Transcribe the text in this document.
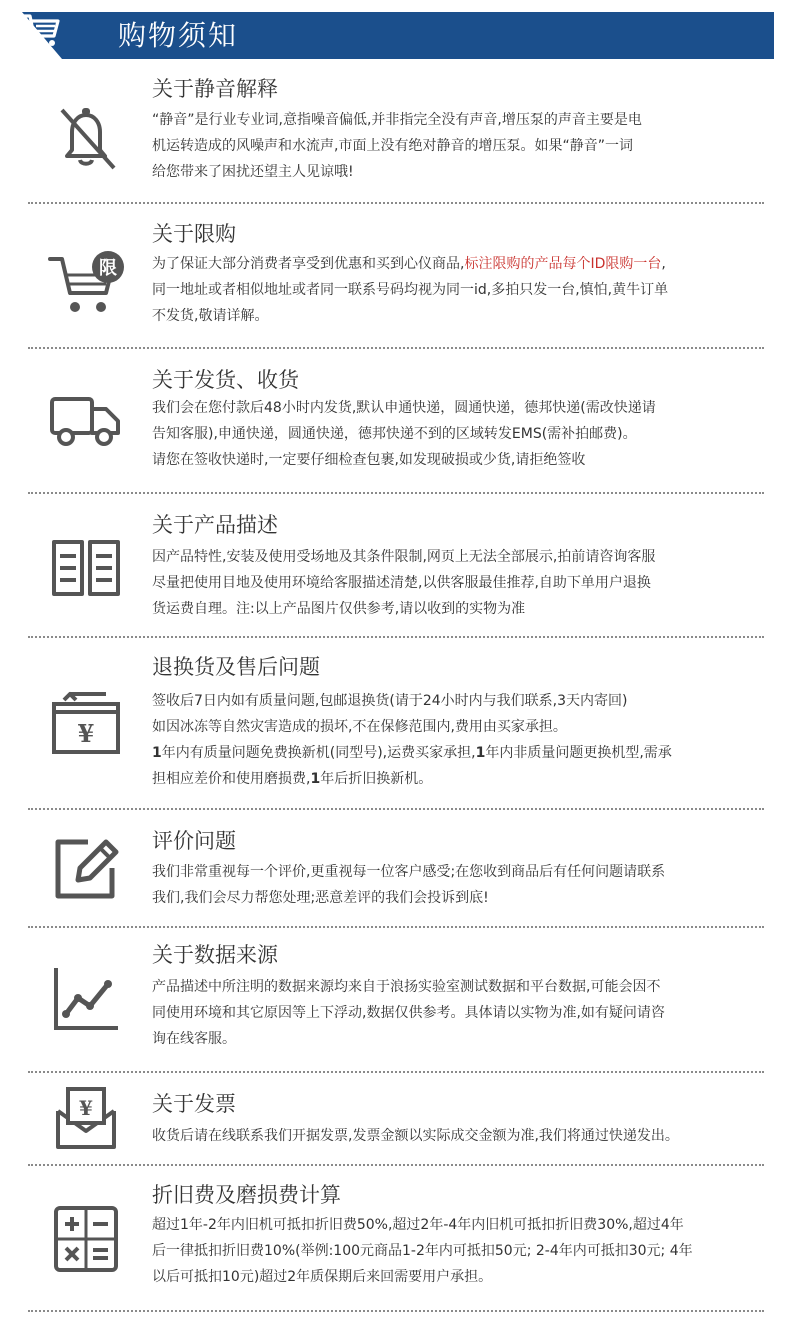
购物须知
关于静音解释

“静音”是行业专业词,意指噪音偏低,并非指完全没有声音,增压泵的声音主要是电

机运转造成的风噪声和水流声,市面上没有绝对静音的增压泵。如果“静音”一词

给您带来了困扰还望主人见谅哦!

限
关于限购

为了保证大部分消费者享受到优惠和买到心仪商品,标注限购的产品每个ID限购一台,

同一地址或者相似地址或者同一联系号码均视为同一id,多拍只发一台,慎怕,黄牛订单

不发货,敬请详解。

关于发货、收货

我们会在您付款后48小时内发货,默认申通快递，圆通快递，德邦快递(需改快递请

告知客服),申通快递，圆通快递，德邦快递不到的区域转发EMS(需补拍邮费)。

请您在签收快递时,一定要仔细检查包裹,如发现破损或少货,请拒绝签收

关于产品描述

因产品特性,安装及使用受场地及其条件限制,网页上无法全部展示,拍前请咨询客服

尽量把使用目地及使用环境给客服描述清楚,以供客服最佳推荐,自助下单用户退换

货运费自理。注:以上产品图片仅供参考,请以收到的实物为准

¥
退换货及售后问题

签收后7日内如有质量问题,包邮退换货(请于24小时内与我们联系,3天内寄回)

如因冰冻等自然灾害造成的损坏,不在保修范围内,费用由买家承担。

1年内有质量问题免费换新机(同型号),运费买家承担,1年内非质量问题更换机型,需承

担相应差价和使用磨损费,1年后折旧换新机。

评价问题

我们非常重视每一个评价,更重视每一位客户感受;在您收到商品后有任何问题请联系

我们,我们会尽力帮您处理;恶意差评的我们会投诉到底!

关于数据来源

产品描述中所注明的数据来源均来自于浪扬实验室测试数据和平台数据,可能会因不

同使用环境和其它原因等上下浮动,数据仅供参考。具体请以实物为准,如有疑问请咨

询在线客服。

¥	关于发票

收货后请在线联系我们开据发票,发票金额以实际成交金额为准,我们将通过快递发出。

折旧费及磨损费计算

超过1年-2年内旧机可抵扣折旧费50%,超过2年-4年内旧机可抵扣折旧费30%,超过4年

后一律抵扣折旧费10%(举例:100元商品1-2年内可抵扣50元; 2-4年内可抵扣30元; 4年

以后可抵扣10元)超过2年质保期后来回需要用户承担。
